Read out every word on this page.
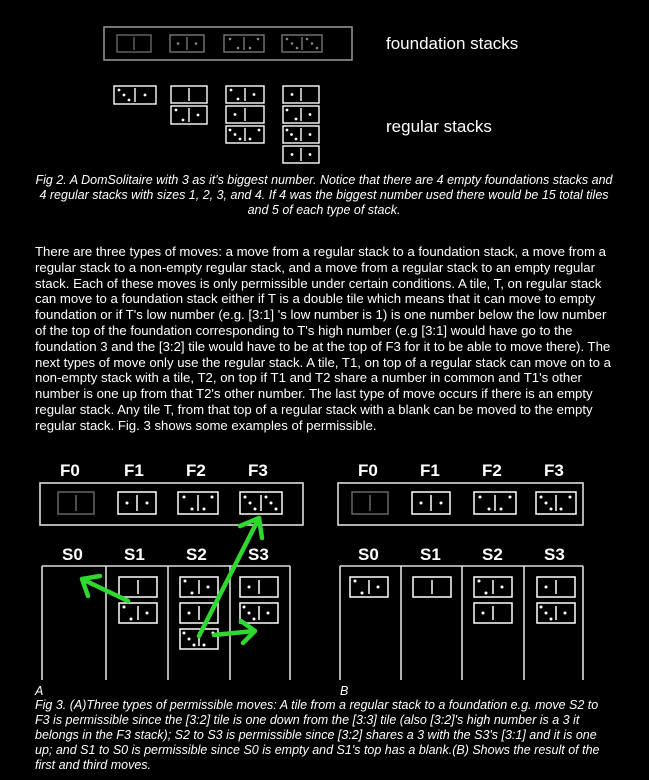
foundation stacks
regular stacks
Fig 2. A DomSolitaire with 3 as it's biggest number. Notice that there are 4 empty foundations stacks and 4 regular stacks with sizes 1, 2, 3, and 4. If 4 was the biggest number used there would be 15 total tiles and 5 of each type of stack.
There are three types of moves: a move from a regular stack to a foundation stack, a move from a regular stack to a non-empty regular stack, and a move from a regular stack to an empty regular stack. Each of these moves is only permissible under certain conditions. A tile, T, on regular stack can move to a foundation stack either if T is a double tile which means that it can move to empty foundation or if T's low number (e.g. [3:1] 's low number is 1) is one number below the low number of the top of the foundation corresponding to T's high number (e.g [3:1] would have go to the foundation 3 and the [3:2] tile would have to be at the top of F3 for it to be able to move there). The next types of move only use the regular stack. A tile, T1, on top of a regular stack can move on to a non-empty stack with a tile, T2, on top if T1 and T2 share a number in common and T1's other number is one up from that T2's other number. The last type of move occurs if there is an empty regular stack. Any tile T, from that top of a regular stack with a blank can be moved to the empty regular stack. Fig. 3 shows some examples of permissible.
F0	F1 F2 F3
S0 S1 S2 S3
F0 F1 F2 F3
S0 S1 S2 S3
A	B
Fig 3. (A)Three types of permissible moves: A tile from a regular stack to a foundation e.g. move S2 to F3 is permissible since the [3:2] tile is one down from the [3:3] tile (also [3:2]'s high number is a 3 it belongs in the F3 stack); S2 to S3 is permissible since [3:2] shares a 3 with the S3's [3:1] and it is one up; and S1 to S0 is permissible since S0 is empty and S1's top has a blank.(B) Shows the result of the first and third moves.
